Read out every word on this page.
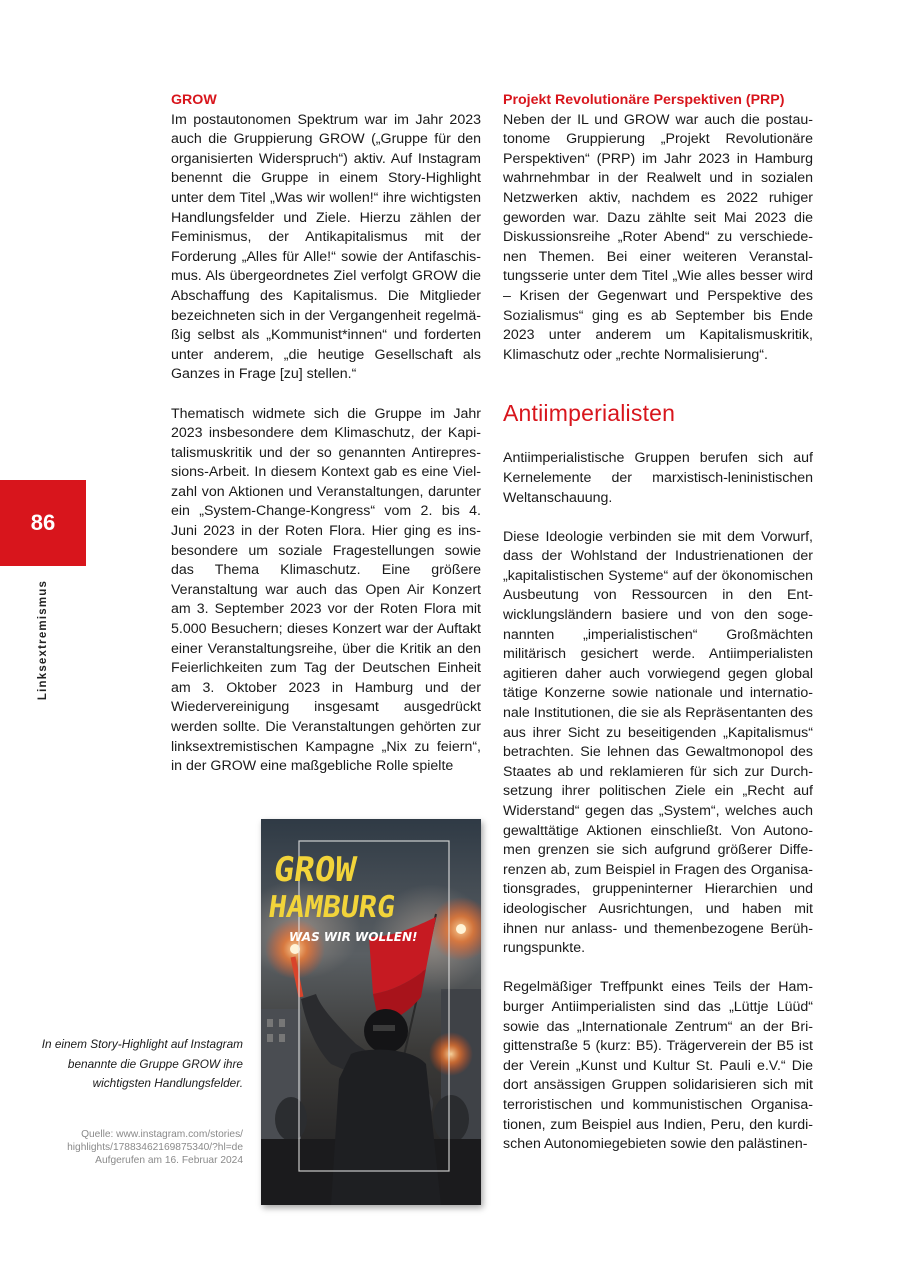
86
Linksextremismus
GROW

Im postautonomen Spektrum war im Jahr 2023 auch die Gruppierung GROW („Gruppe für den organisierten Widerspruch“) aktiv. Auf Instagram benennt die Gruppe in einem Story-Highlight unter dem Titel „Was wir wollen!“ ihre wichtigsten Handlungsfelder und Ziele. Hierzu zählen der Feminismus, der Antikapitalismus mit der Forderung „Alles für Alle!“ sowie der Antifaschismus. Als übergeordnetes Ziel verfolgt GROW die Abschaffung des Kapitalismus. Die Mitglieder bezeichneten sich in der Vergangenheit regelmäßig selbst als „Kommunist*innen“ und forderten unter anderem, „die heutige Gesellschaft als Ganzes in Frage [zu] stellen.“

Thematisch widmete sich die Gruppe im Jahr 2023 insbesondere dem Klimaschutz, der Kapitalismuskritik und der so genannten Antirepressions-Arbeit. In diesem Kontext gab es eine Vielzahl von Aktionen und Veranstaltungen, darunter ein „System-Change-Kongress“ vom 2. bis 4. Juni 2023 in der Roten Flora. Hier ging es insbesondere um soziale Fragestellungen sowie das Thema Klimaschutz. Eine größere Veranstaltung war auch das Open Air Konzert am 3. September 2023 vor der Roten Flora mit 5.000 Besuchern; dieses Konzert war der Auftakt einer Veranstaltungsreihe, über die Kritik an den Feierlichkeiten zum Tag der Deutschen Einheit am 3. Oktober 2023 in Hamburg und der Wiedervereinigung insgesamt ausgedrückt werden sollte. Die Veranstaltungen gehörten zur linksextremistischen Kampagne „Nix zu feiern“, in der GROW eine maßgebliche Rolle spielte

Projekt Revolutionäre Perspektiven (PRP)

Neben der IL und GROW war auch die postautonome Gruppierung „Projekt Revolutionäre Perspektiven“ (PRP) im Jahr 2023 in Hamburg wahrnehmbar in der Realwelt und in sozialen Netzwerken aktiv, nachdem es 2022 ruhiger geworden war. Dazu zählte seit Mai 2023 die Diskussionsreihe „Roter Abend“ zu verschiedenen Themen. Bei einer weiteren Veranstaltungsserie unter dem Titel „Wie alles besser wird – Krisen der Gegenwart und Perspektive des Sozialismus“ ging es ab September bis Ende 2023 unter anderem um Kapitalismuskritik, Klimaschutz oder „rechte Normalisierung“.

Antiimperialisten

Antiimperialistische Gruppen berufen sich auf Kernelemente der marxistisch-leninistischen Weltanschauung.

Diese Ideologie verbinden sie mit dem Vorwurf, dass der Wohlstand der Industrienationen der „kapitalistischen Systeme“ auf der ökonomischen Ausbeutung von Ressourcen in den Entwicklungsländern basiere und von den sogenannten „imperialistischen“ Großmächten militärisch gesichert werde. Antiimperialisten agitieren daher auch vorwiegend gegen global tätige Konzerne sowie nationale und internationale Institutionen, die sie als Repräsentanten des aus ihrer Sicht zu beseitigenden „Kapitalismus“ betrachten. Sie lehnen das Gewaltmonopol des Staates ab und reklamieren für sich zur Durchsetzung ihrer politischen Ziele ein „Recht auf Widerstand“ gegen das „System“, welches auch gewalttätige Aktionen einschließt. Von Autonomen grenzen sie sich aufgrund größerer Differenzen ab, zum Beispiel in Fragen des Organisationsgrades, gruppeninterner Hierarchien und ideologischer Ausrichtungen, und haben mit ihnen nur anlass- und themenbezogene Berührungspunkte.

Regelmäßiger Treffpunkt eines Teils der Hamburger Antiimperialisten sind das „Lüttje Lüüd“ sowie das „Internationale Zentrum“ an der Brigittenstraße 5 (kurz: B5). Trägerverein der B5 ist der Verein „Kunst und Kultur St. Pauli e.V.“ Die dort ansässigen Gruppen solidarisieren sich mit terroristischen und kommunistischen Organisationen, zum Beispiel aus Indien, Peru, den kurdischen Autonomiegebieten sowie den palästinen-

In einem Story-Highlight auf Instagram benannte die Gruppe GROW ihre wichtigsten Handlungsfelder.
Quelle: www.instagram.com/stories/
highlights/17883462169875340/?hl=de
Aufgerufen am 16. Februar 2024
GROW
HAMBURG
WAS WIR WOLLEN!
